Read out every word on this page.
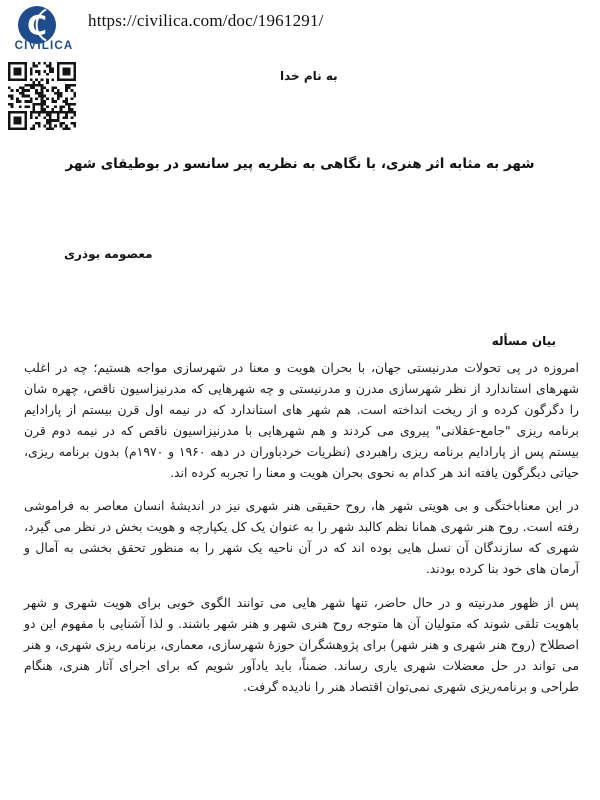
C
CIVILICA
https://civilica.com/doc/1961291/
به نام خدا
شهر به مثابه اثر هنری، با نگاهی به نظریه پیر سانسو در بوطیقای شهر
معصومه بوذری
بیان مسأله

امروزه در پی تحولات مدرنیستی جهان، با بحران هویت و معنا در شهرسازی مواجه هستیم؛ چه در اغلب شهرهای استاندارد از نظر شهرسازی مدرن و مدرنیستی و چه شهرهایی که مدرنیزاسیون ناقص، چهره شان را دگرگون کرده و از ریخت انداخته است. هم شهر های استاندارد که در نیمه اول قرن بیستم از پارادایم برنامه ریزی "جامع-عقلانی" پیروی می کردند و هم شهرهایی با مدرنیزاسیون ناقص که در نیمه دوم قرن بیستم پس از پارادایم برنامه ریزی راهبردی (نظریات خردباوران در دهه ۱۹۶۰ و ۱۹۷۰م) بدون برنامه ریزی، حیاتی دیگرگون یافته اند هر کدام به نحوی بحران هویت و معنا را تجربه کرده اند.

در این معناباختگی و بی هویتی شهر ها، روح حقیقی هنر شهری نیز در اندیشهٔ انسان معاصر به فراموشی رفته است. روح هنر شهری همانا نظم کالبد شهر را به عنوان یک کل یکپارچه و هویت بخش در نظر می گیرد، شهری که سازندگان آن نسل هایی بوده اند که در آن ناحیه یک شهر را به منظور تحقق بخشی به آمال و آرمان های خود بنا کرده بودند.

پس از ظهور مدرنیته و در حال حاضر، تنها شهر هایی می توانند الگوی خوبی برای هویت شهری و شهر باهویت تلقی شوند که متولیان آن ها متوجه روح هنری شهر و هنر شهر باشند. و لذا آشنایی با مفهوم این دو اصطلاح (روح هنر شهری و هنر شهر) برای پژوهشگران حوزهٔ شهرسازی، معماری، برنامه ریزی شهری، و هنر می تواند در حل معضلات شهری یاری رساند. ضمناً، باید یادآور شویم که برای اجرای آثار هنری، هنگام طراحی و برنامه‌ریزی شهری نمی‌توان اقتصاد هنر را نادیده گرفت.
